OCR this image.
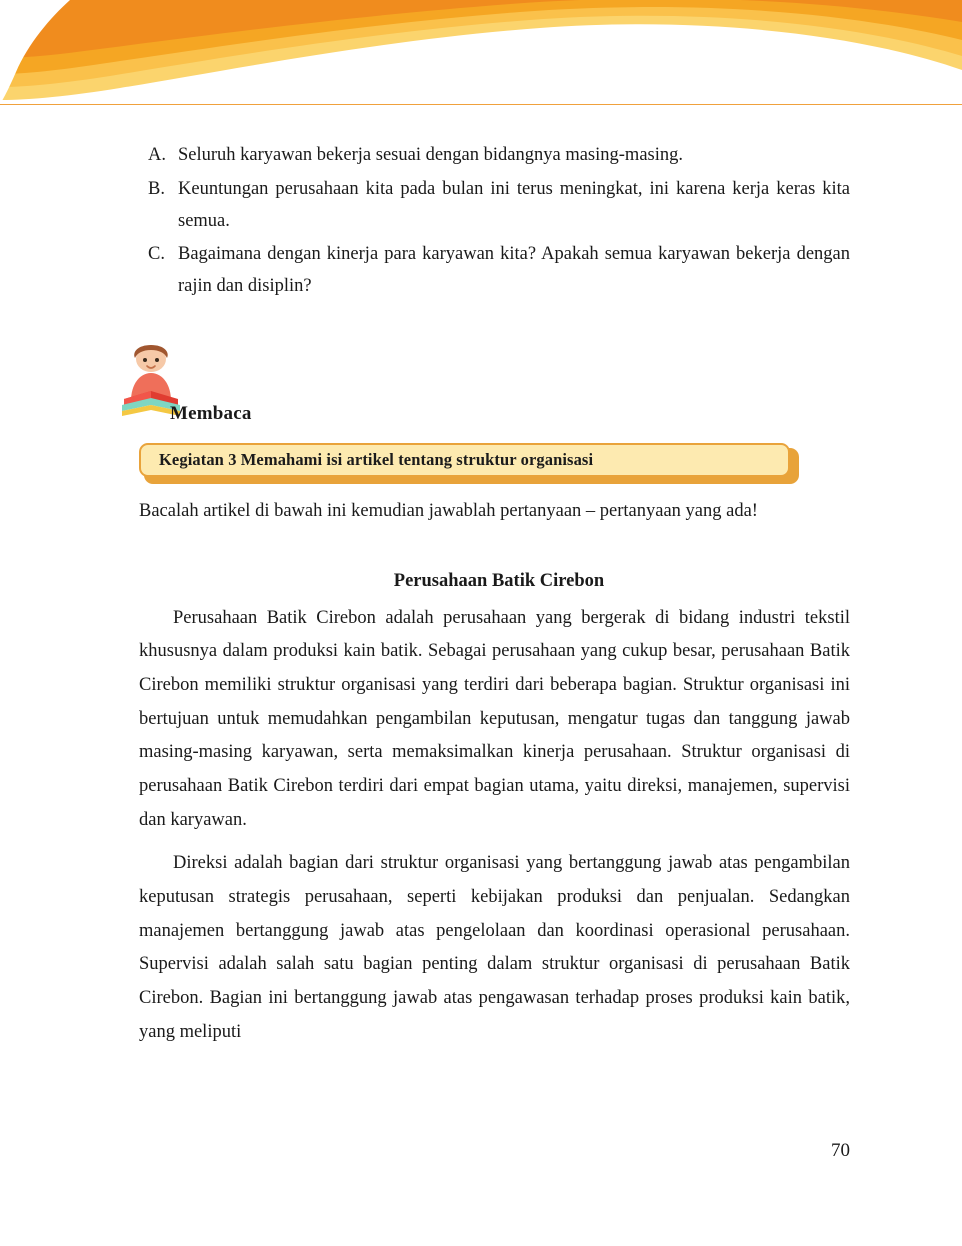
A. Seluruh karyawan bekerja sesuai dengan bidangnya masing-masing.
B. Keuntungan perusahaan kita pada bulan ini terus meningkat, ini karena kerja keras kita semua.
C. Bagaimana dengan kinerja para karyawan kita? Apakah semua karyawan bekerja dengan rajin dan disiplin?
Membaca
Kegiatan 3 Memahami isi artikel tentang struktur organisasi
Bacalah artikel di bawah ini kemudian jawablah pertanyaan – pertanyaan yang ada!
Perusahaan Batik Cirebon
Perusahaan Batik Cirebon adalah perusahaan yang bergerak di bidang industri tekstil khususnya dalam produksi kain batik. Sebagai perusahaan yang cukup besar, perusahaan Batik Cirebon memiliki struktur organisasi yang terdiri dari beberapa bagian. Struktur organisasi ini bertujuan untuk memudahkan pengambilan keputusan, mengatur tugas dan tanggung jawab masing-masing karyawan, serta memaksimalkan kinerja perusahaan. Struktur organisasi di perusahaan Batik Cirebon terdiri dari empat bagian utama, yaitu direksi, manajemen, supervisi dan karyawan.
Direksi adalah bagian dari struktur organisasi yang bertanggung jawab atas pengambilan keputusan strategis perusahaan, seperti kebijakan produksi dan penjualan. Sedangkan manajemen bertanggung jawab atas pengelolaan dan koordinasi operasional perusahaan. Supervisi adalah salah satu bagian penting dalam struktur organisasi di perusahaan Batik Cirebon. Bagian ini bertanggung jawab atas pengawasan terhadap proses produksi kain batik, yang meliputi
70
